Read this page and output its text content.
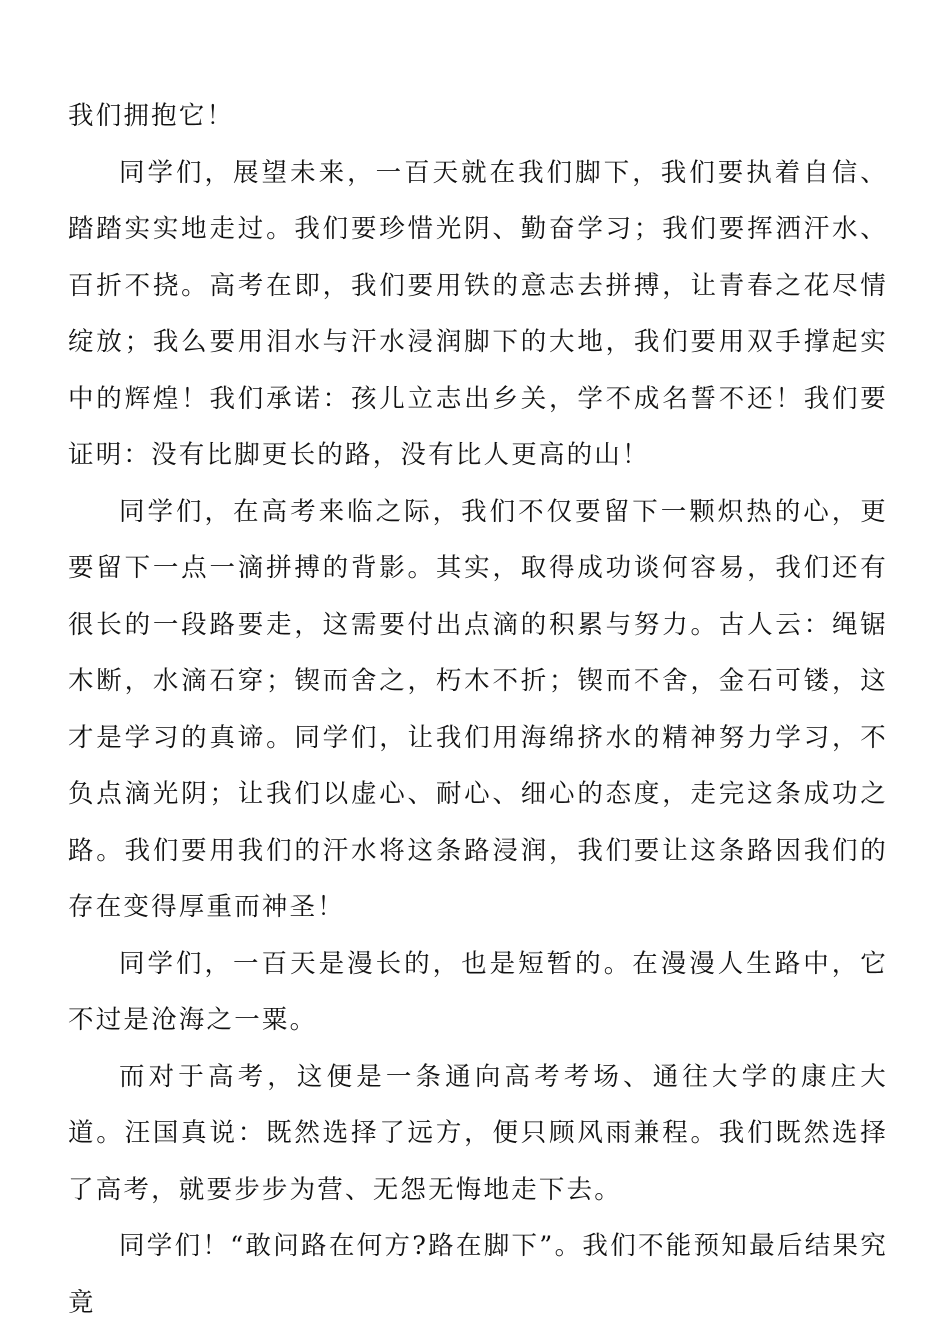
我们拥抱它！

同学们，展望未来，一百天就在我们脚下，我们要执着自信、踏踏实实地走过。我们要珍惜光阴、勤奋学习；我们要挥洒汗水、百折不挠。高考在即，我们要用铁的意志去拼搏，让青春之花尽情绽放；我么要用泪水与汗水浸润脚下的大地，我们要用双手撑起实中的辉煌！我们承诺：孩儿立志出乡关，学不成名誓不还！我们要证明：没有比脚更长的路，没有比人更高的山！

同学们，在高考来临之际，我们不仅要留下一颗炽热的心，更要留下一点一滴拼搏的背影。其实，取得成功谈何容易，我们还有很长的一段路要走，这需要付出点滴的积累与努力。古人云：绳锯木断，水滴石穿；锲而舍之，朽木不折；锲而不舍，金石可镂，这才是学习的真谛。同学们，让我们用海绵挤水的精神努力学习，不负点滴光阴；让我们以虚心、耐心、细心的态度，走完这条成功之路。我们要用我们的汗水将这条路浸润，我们要让这条路因我们的存在变得厚重而神圣！

同学们，一百天是漫长的，也是短暂的。在漫漫人生路中，它不过是沧海之一粟。

而对于高考，这便是一条通向高考考场、通往大学的康庄大道。汪国真说：既然选择了远方，便只顾风雨兼程。我们既然选择了高考，就要步步为营、无怨无悔地走下去。

同学们！“敢问路在何方?路在脚下”。我们不能预知最后结果究竟
